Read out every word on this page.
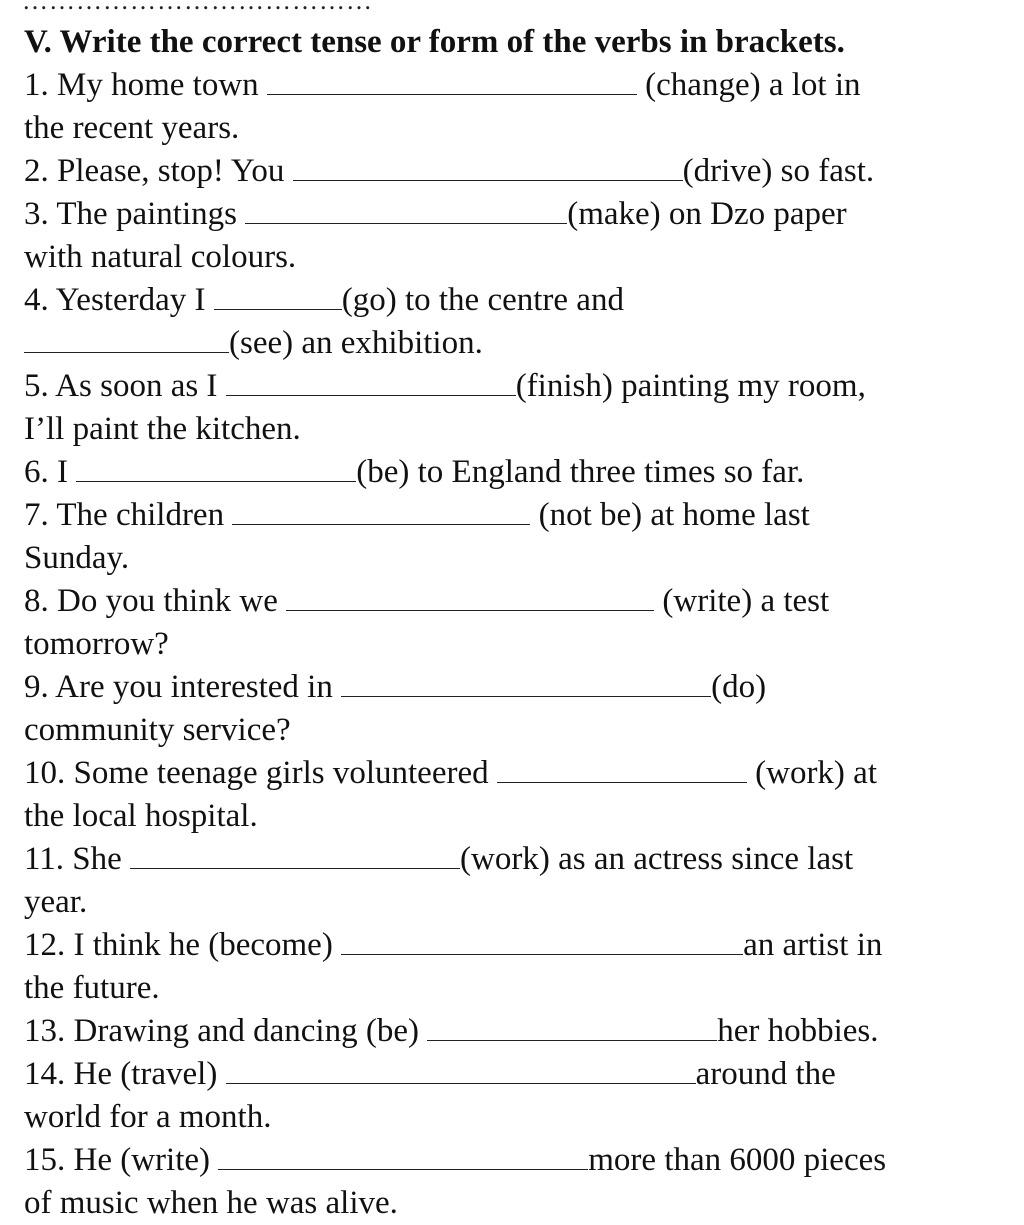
…………………………………
V. Write the correct tense or form of the verbs in brackets.
1. My home town	(change) a lot in
the recent years.
2. Please, stop! You	(drive) so fast.
3. The paintings	(make) on Dzo paper
with natural colours.
4. Yesterday I	(go) to the centre and
(see) an exhibition.
5. As soon as I	(finish) painting my room,
I’ll paint the kitchen.
6. I	(be) to England three times so far.
7. The children	(not be) at home last
Sunday.
8. Do you think we	(write) a test
tomorrow?
9. Are you interested in	(do)
community service?
10. Some teenage girls volunteered	(work) at
the local hospital.
11. She	(work) as an actress since last
year.
12. I think he (become)	an artist in
the future.
13. Drawing and dancing (be)	her hobbies.
14. He (travel)	around the
world for a month.
15. He (write)	more than 6000 pieces
of music when he was alive.
